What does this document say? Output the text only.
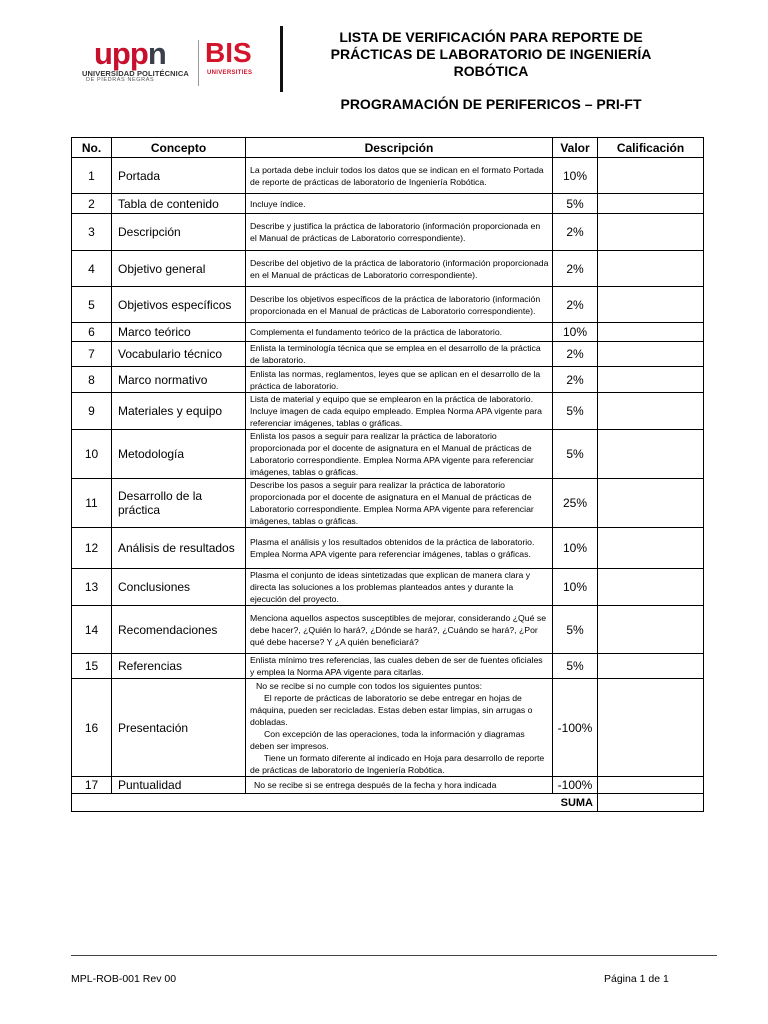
uppn
UNIVERSIDAD POLITÉCNICA
DE PIEDRAS NEGRAS
BIS
UNIVERSITIES
LISTA DE VERIFICACIÓN PARA REPORTE DE
PRÁCTICAS DE LABORATORIO DE INGENIERÍA
ROBÓTICA
PROGRAMACIÓN DE PERIFERICOS – PRI-FT
No.	Concepto	Descripción	Valor	Calificación
1	Portada	La portada debe incluir todos los datos que se indican en el formato Portada de reporte de prácticas de laboratorio de Ingeniería Robótica.	10%	
2	Tabla de contenido	Incluye índice.	5%	
3	Descripción	Describe y justifica la práctica de laboratorio (información proporcionada en el Manual de prácticas de Laboratorio correspondiente).	2%	
4	Objetivo general	Describe del objetivo de la práctica de laboratorio (información proporcionada en el Manual de prácticas de Laboratorio correspondiente).	2%	
5	Objetivos específicos	Describe los objetivos específicos de la práctica de laboratorio (información proporcionada en el Manual de prácticas de Laboratorio correspondiente).	2%	
6	Marco teórico	Complementa el fundamento teórico de la práctica de laboratorio.	10%	
7	Vocabulario técnico	Enlista la terminología técnica que se emplea en el desarrollo de la práctica de laboratorio.	2%	
8	Marco normativo	Enlista las normas, reglamentos, leyes que se aplican en el desarrollo de la práctica de laboratorio.	2%	
9	Materiales y equipo	Lista de material y equipo que se emplearon en la práctica de laboratorio. Incluye imagen de cada equipo empleado. Emplea Norma APA vigente para referenciar imágenes, tablas o gráficas.	5%	
10	Metodología	Enlista los pasos a seguir para realizar la práctica de laboratorio proporcionada por el docente de asignatura en el Manual de prácticas de Laboratorio correspondiente. Emplea Norma APA vigente para referenciar imágenes, tablas o gráficas.	5%	
11	Desarrollo de la práctica	Describe los pasos a seguir para realizar la práctica de laboratorio proporcionada por el docente de asignatura en el Manual de prácticas de Laboratorio correspondiente. Emplea Norma APA vigente para referenciar imágenes, tablas o gráficas.	25%	
12	Análisis de resultados	Plasma el análisis y los resultados obtenidos de la práctica de laboratorio. Emplea Norma APA vigente para referenciar imágenes, tablas o gráficas.	10%	
13	Conclusiones	Plasma el conjunto de ideas sintetizadas que explican de manera clara y directa las soluciones a los problemas planteados antes y durante la ejecución del proyecto.	10%	
14	Recomendaciones	Menciona aquellos aspectos susceptibles de mejorar, considerando ¿Qué se debe hacer?, ¿Quién lo hará?, ¿Dónde se hará?, ¿Cuándo se hará?, ¿Por qué debe hacerse? Y ¿A quién beneficiará?	5%	
15	Referencias	Enlista mínimo tres referencias, las cuales deben de ser de fuentes oficiales y emplea la Norma APA vigente para citarlas.	5%	
16	Presentación	No se recibe si no cumple con todos los siguientes puntos:
El reporte de prácticas de laboratorio se debe entregar en hojas de máquina, pueden ser recicladas. Estas deben estar limpias, sin arrugas o dobladas.
Con excepción de las operaciones, toda la información y diagramas deben ser impresos.
Tiene un formato diferente al indicado en Hoja para desarrollo de reporte de prácticas de laboratorio de Ingeniería Robótica.	-100%	
17	Puntualidad	No se recibe si se entrega después de la fecha y hora indicada	-100%	
SUMA				
MPL-ROB-001 Rev 00	Página 1 de 1
